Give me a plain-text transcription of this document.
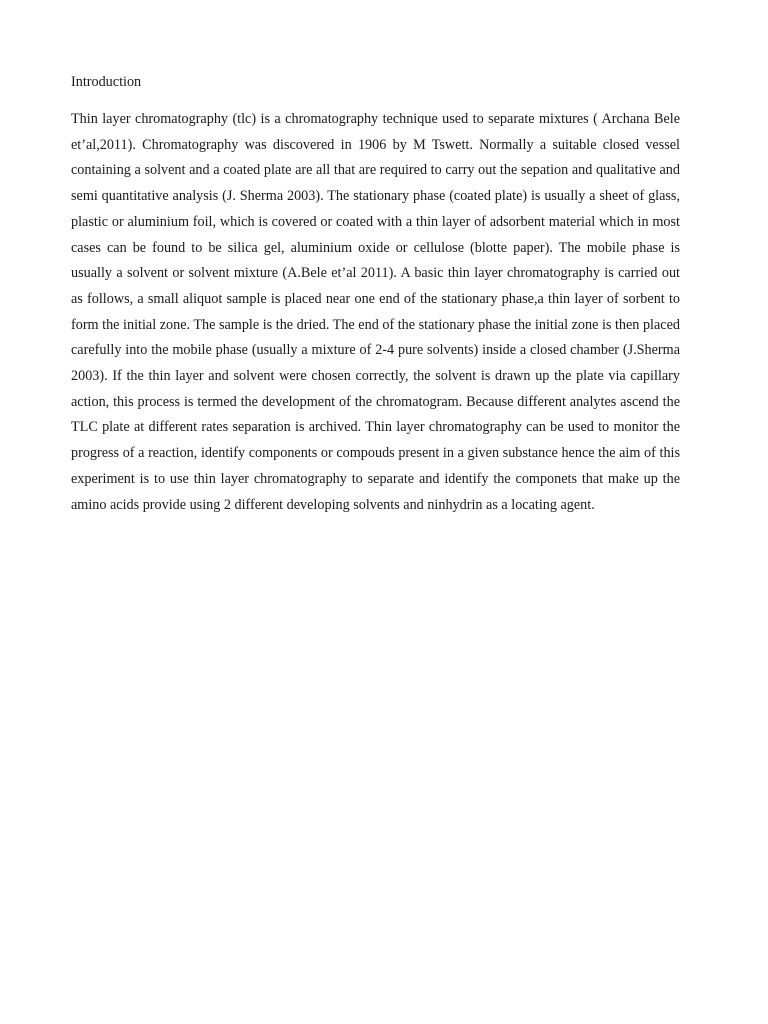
Introduction

Thin layer chromatography (tlc) is a chromatography technique used to separate mixtures ( Archana Bele et’al,2011). Chromatography was discovered in 1906 by M Tswett. Normally a suitable closed vessel containing a solvent and a coated plate are all that are required to carry out the sepation and qualitative and semi quantitative analysis (J. Sherma 2003). The stationary phase (coated plate) is usually a sheet of glass, plastic or aluminium foil, which is covered or coated with a thin layer of adsorbent material which in most cases can be found to be silica gel, aluminium oxide or cellulose (blotte paper). The mobile phase is usually a solvent or solvent mixture (A.Bele et’al 2011). A basic thin layer chromatography is carried out as follows, a small aliquot sample is placed near one end of the stationary phase,a thin layer of sorbent to form the initial zone. The sample is the dried. The end of the stationary phase the initial zone is then placed carefully into the mobile phase (usually a mixture of 2-4 pure solvents) inside a closed chamber (J.Sherma 2003). If the thin layer and solvent were chosen correctly, the solvent is drawn up the plate via capillary action, this process is termed the development of the chromatogram. Because different analytes ascend the TLC plate at different rates separation is archived. Thin layer chromatography can be used to monitor the progress of a reaction, identify components or compouds present in a given substance hence the aim of this experiment is to use thin layer chromatography to separate and identify the componets that make up the amino acids provide using 2 different developing solvents and ninhydrin as a locating agent.
